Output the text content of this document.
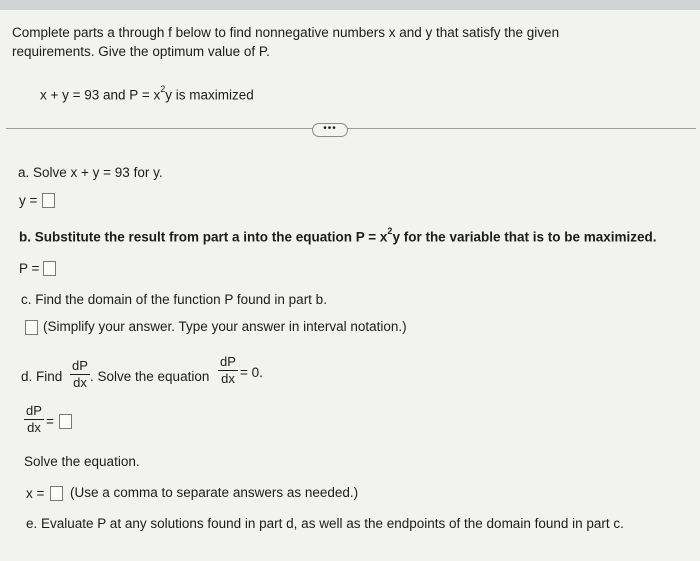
Complete parts a through f below to find nonnegative numbers x and y that satisfy the given
requirements. Give the optimum value of P.
x + y = 93 and $P = x^2y$ is maximized
•••
a. Solve x + y = 93 for y.
y =
b. Substitute the result from part a into the equation $P = x^2y$ for the variable that is to be maximized.
P =
c. Find the domain of the function P found in part b.
(Simplify your answer. Type your answer in interval notation.)
d. Find
dP
dx . Solve the equation
dP
dx = 0.
dP
dx =
Solve the equation.
x = (Use a comma to separate answers as needed.)
e. Evaluate P at any solutions found in part d, as well as the endpoints of the domain found in part c.
